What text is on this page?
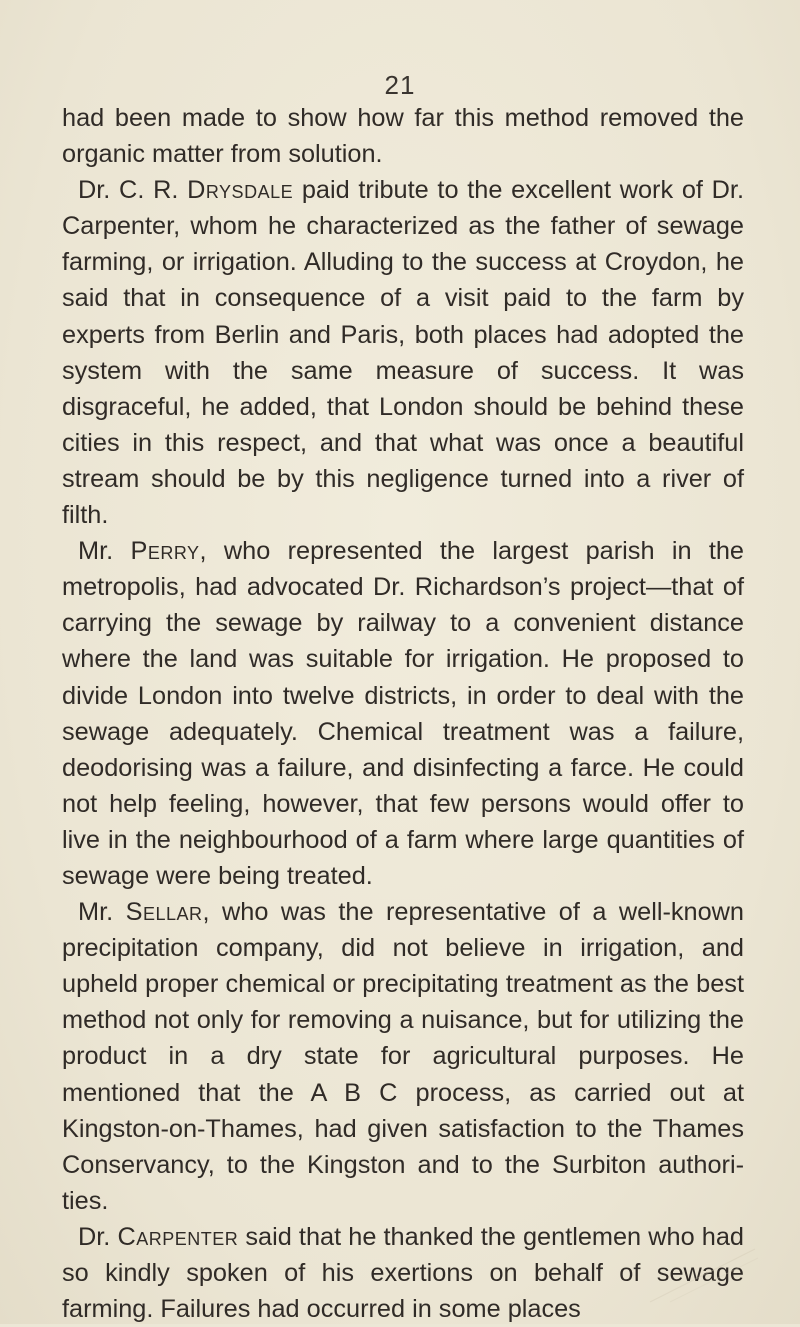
21

had been made to show how far this method removed the organic matter from solution.

Dr. C. R. Drysdale paid tribute to the excellent work of Dr. Carpenter, whom he characterized as the father of sewage farming, or irrigation. Alluding to the success at Croydon, he said that in consequence of a visit paid to the farm by experts from Berlin and Paris, both places had adopted the system with the same measure of success. It was disgraceful, he added, that London should be behind these cities in this respect, and that what was once a beautiful stream should be by this negligence turned into a river of filth.

Mr. Perry, who represented the largest parish in the metropolis, had advocated Dr. Richardson’s project—that of carrying the sewage by railway to a convenient distance where the land was suitable for irrigation. He proposed to divide London into twelve districts, in order to deal with the sewage adequately. Chemical treatment was a failure, deodorising was a failure, and disinfecting a farce. He could not help feeling, however, that few persons would offer to live in the neighbourhood of a farm where large quantities of sewage were being treated.

Mr. Sellar, who was the representative of a well-known precipitation company, did not believe in irrigation, and upheld proper chemical or precipitating treatment as the best method not only for removing a nuisance, but for utilizing the product in a dry state for agricultural purposes. He mentioned that the A B C process, as carried out at Kingston-on-Thames, had given satisfaction to the Thames Conservancy, to the Kingston and to the Surbiton authori- ties.

Dr. Carpenter said that he thanked the gentlemen who had so kindly spoken of his exertions on behalf of sewage farming. Failures had occurred in some places
